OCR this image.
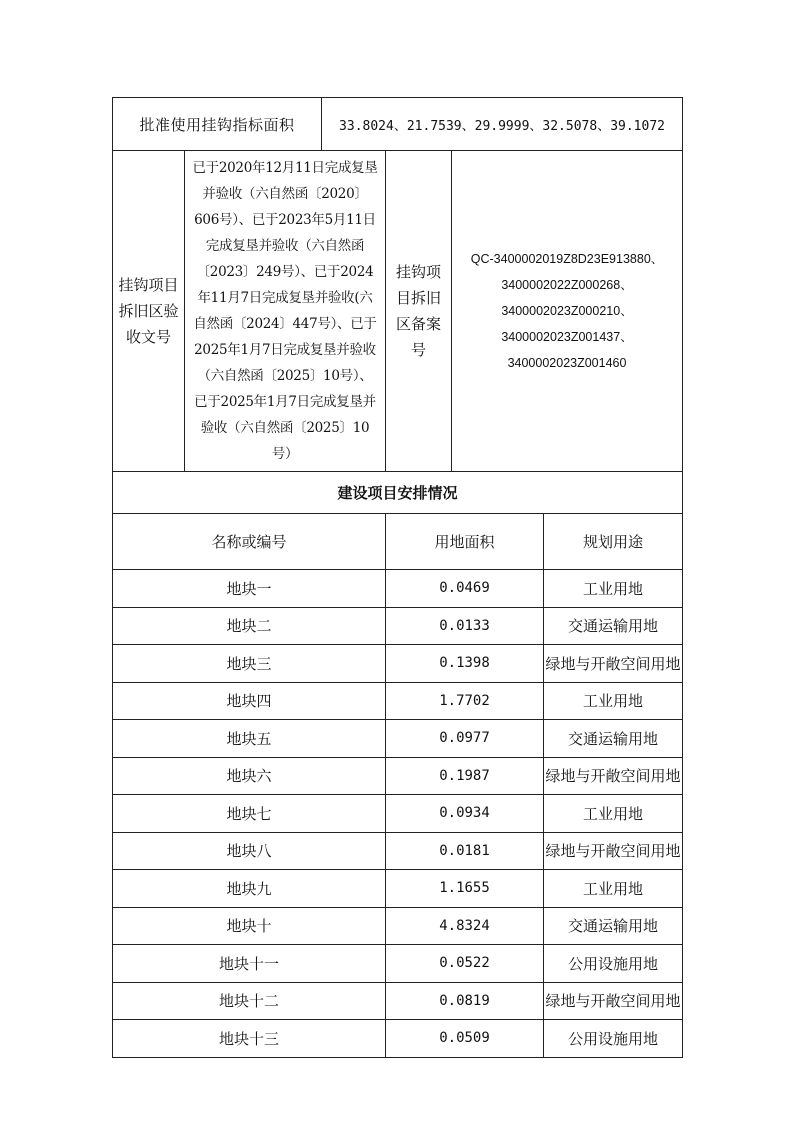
批准使用挂钩指标面积		33.8024、21.7539、29.9999、32.5078、39.1072			
挂钩项目拆旧区验收文号	已于2020年12月11日完成复垦并验收（六自然函〔2020〕606号）、已于2023年5月11日完成复垦并验收（六自然函〔2023〕249号）、已于2024年11月7日完成复垦并验收(六自然函〔2024〕447号）、已于2025年1月7日完成复垦并验收（六自然函〔2025〕10号）、已于2025年1月7日完成复垦并验收（六自然函〔2025〕10号）		挂钩项目拆旧区备案号	QC-3400002019Z8D23E913880、3400002022Z000268、3400002023Z000210、3400002023Z001437、3400002023Z001460	
建设项目安排情况					
名称或编号			用地面积		规划用途
地块一			0.0469		工业用地
地块二			0.0133		交通运输用地
地块三			0.1398		绿地与开敞空间用地
地块四			1.7702		工业用地
地块五			0.0977		交通运输用地
地块六			0.1987		绿地与开敞空间用地
地块七			0.0934		工业用地
地块八			0.0181		绿地与开敞空间用地
地块九			1.1655		工业用地
地块十			4.8324		交通运输用地
地块十一			0.0522		公用设施用地
地块十二			0.0819		绿地与开敞空间用地
地块十三			0.0509		公用设施用地
